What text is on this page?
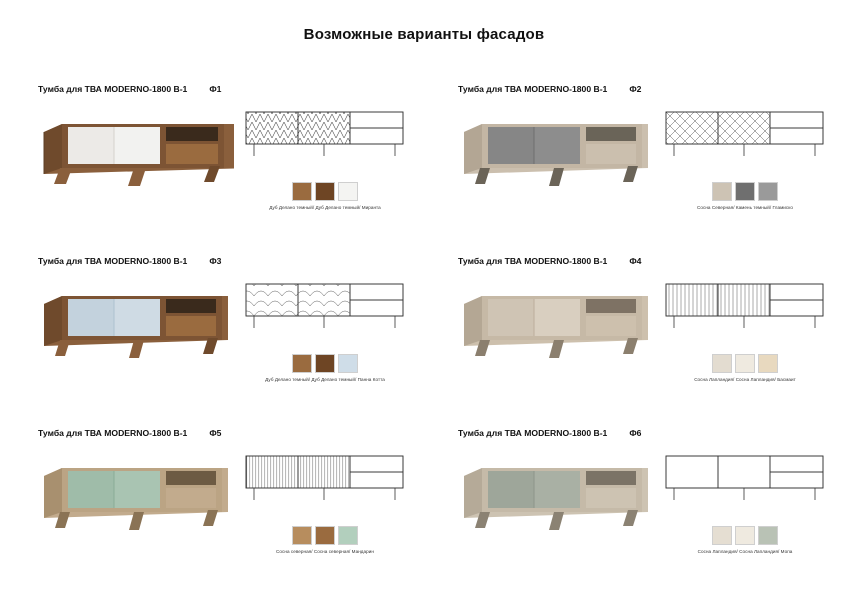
Возможные варианты фасадов
Тумба для ТВА MODERNO-1800 В-1	Ф1
Дуб Делано темный/ Дуб Делано темный/ Миранта
Тумба для ТВА MODERNO-1800 В-1	Ф2
Сосна Северная/ Камень темный/ Гламиско
Тумба для ТВА MODERNO-1800 В-1	Ф3
Дуб Делано темный/ Дуб Делано темный/ Панна Котта
Тумба для ТВА MODERNO-1800 В-1	Ф4
Сосна Лапландия/ Сосна Лапландия/ Басмаит
Тумба для ТВА MODERNO-1800 В-1	Ф5
Сосна северная/ Сосна северная/ Мандарин
Тумба для ТВА MODERNO-1800 В-1	Ф6
Сосна Лапландия/ Сосна Лапландия/ Мопа
